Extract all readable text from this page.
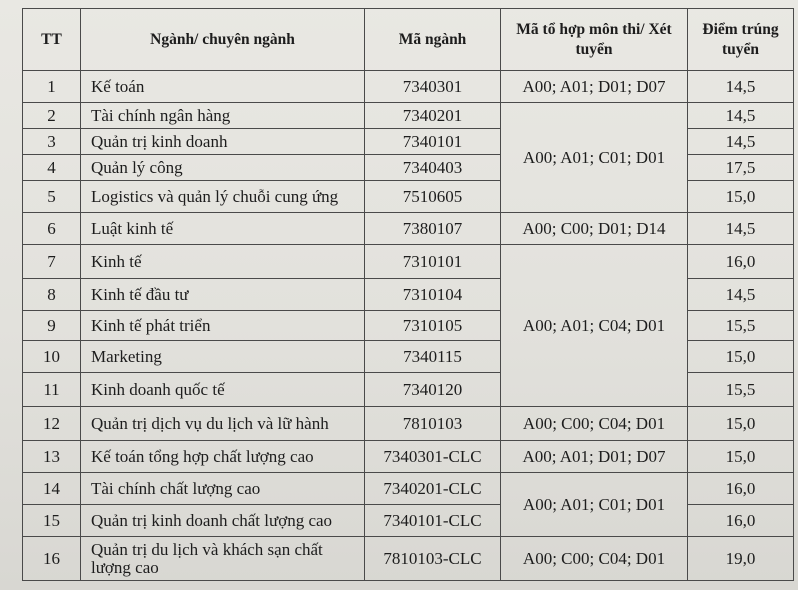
TT	Ngành/ chuyên ngành	Mã ngành	Mã tổ hợp môn thi/ Xét tuyển	Điểm trúng tuyển
1	Kế toán	7340301	A00; A01; D01; D07	14,5
2	Tài chính ngân hàng	7340201	A00; A01; C01; D01	14,5
3	Quản trị kinh doanh	7340101		14,5
4	Quản lý công	7340403		17,5
5	Logistics và quản lý chuỗi cung ứng	7510605		15,0
6	Luật kinh tế	7380107	A00; C00; D01; D14	14,5
7	Kinh tế	7310101	A00; A01; C04; D01	16,0
8	Kinh tế đầu tư	7310104		14,5
9	Kinh tế phát triển	7310105		15,5
10	Marketing	7340115		15,0
11	Kinh doanh quốc tế	7340120		15,5
12	Quản trị dịch vụ du lịch và lữ hành	7810103	A00; C00; C04; D01	15,0
13	Kế toán tổng hợp chất lượng cao	7340301-CLC	A00; A01; D01; D07	15,0
14	Tài chính chất lượng cao	7340201-CLC	A00; A01; C01; D01	16,0
15	Quản trị kinh doanh chất lượng cao	7340101-CLC		16,0
16	Quản trị du lịch và khách sạn chất lượng cao	7810103-CLC	A00; C00; C04; D01	19,0
